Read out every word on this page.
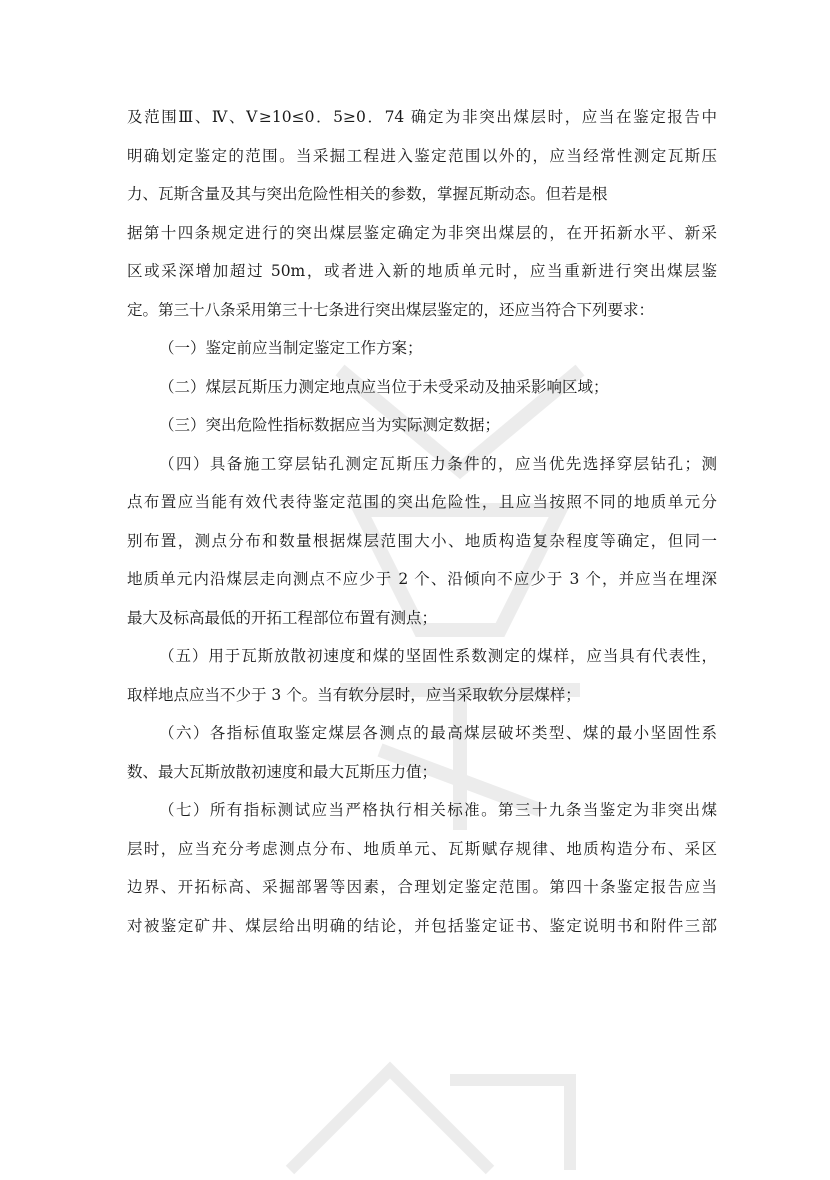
及范围Ⅲ、Ⅳ、Ⅴ≥10≤0．5≥0．74 确定为非突出煤层时，应当在鉴定报告中
明确划定鉴定的范围。当采掘工程进入鉴定范围以外的，应当经常性测定瓦斯压
力、瓦斯含量及其与突出危险性相关的参数，掌握瓦斯动态。但若是根
据第十四条规定进行的突出煤层鉴定确定为非突出煤层的，在开拓新水平、新采
区或采深增加超过 50m，或者进入新的地质单元时，应当重新进行突出煤层鉴
定。第三十八条采用第三十七条进行突出煤层鉴定的，还应当符合下列要求：
（一）鉴定前应当制定鉴定工作方案；
（二）煤层瓦斯压力测定地点应当位于未受采动及抽采影响区域；
（三）突出危险性指标数据应当为实际测定数据；
（四）具备施工穿层钻孔测定瓦斯压力条件的，应当优先选择穿层钻孔；测
点布置应当能有效代表待鉴定范围的突出危险性，且应当按照不同的地质单元分
别布置，测点分布和数量根据煤层范围大小、地质构造复杂程度等确定，但同一
地质单元内沿煤层走向测点不应少于 2 个、沿倾向不应少于 3 个，并应当在埋深
最大及标高最低的开拓工程部位布置有测点；
（五）用于瓦斯放散初速度和煤的坚固性系数测定的煤样，应当具有代表性，
取样地点应当不少于 3 个。当有软分层时，应当采取软分层煤样；
（六）各指标值取鉴定煤层各测点的最高煤层破坏类型、煤的最小坚固性系
数、最大瓦斯放散初速度和最大瓦斯压力值；
（七）所有指标测试应当严格执行相关标准。第三十九条当鉴定为非突出煤
层时，应当充分考虑测点分布、地质单元、瓦斯赋存规律、地质构造分布、采区
边界、开拓标高、采掘部署等因素，合理划定鉴定范围。第四十条鉴定报告应当
对被鉴定矿井、煤层给出明确的结论，并包括鉴定证书、鉴定说明书和附件三部
